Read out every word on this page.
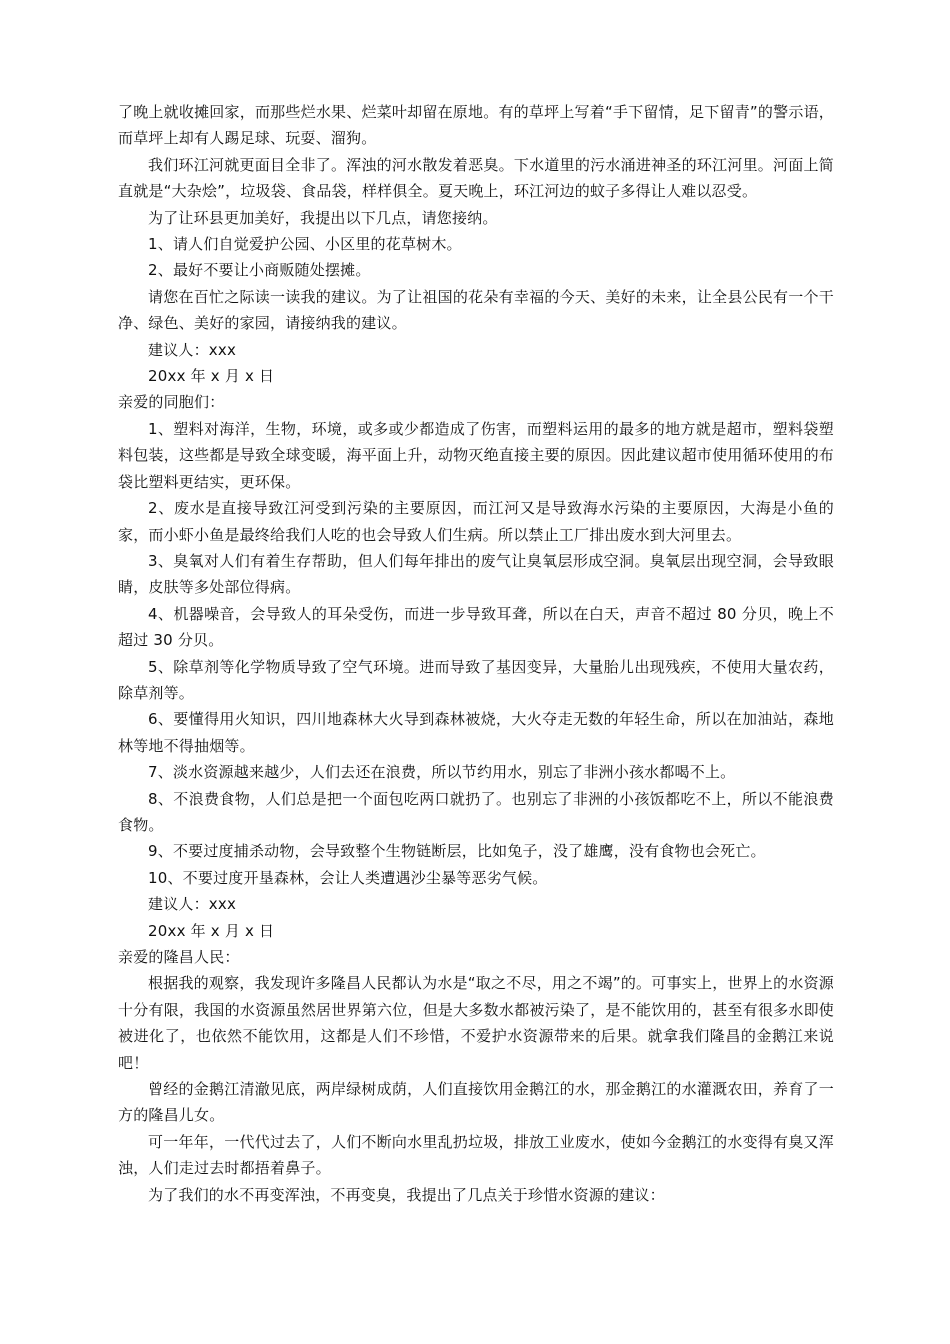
了晚上就收摊回家，而那些烂水果、烂菜叶却留在原地。有的草坪上写着“手下留情，足下留青”的警示语，而草坪上却有人踢足球、玩耍、溜狗。

我们环江河就更面目全非了。浑浊的河水散发着恶臭。下水道里的污水涌进神圣的环江河里。河面上简直就是“大杂烩”，垃圾袋、食品袋，样样俱全。夏天晚上，环江河边的蚊子多得让人难以忍受。

为了让环县更加美好，我提出以下几点，请您接纳。

1、请人们自觉爱护公园、小区里的花草树木。

2、最好不要让小商贩随处摆摊。

请您在百忙之际读一读我的建议。为了让祖国的花朵有幸福的今天、美好的未来，让全县公民有一个干净、绿色、美好的家园，请接纳我的建议。

建议人：xxx

20xx 年 x 月 x 日

亲爱的同胞们：

1、塑料对海洋，生物，环境，或多或少都造成了伤害，而塑料运用的最多的地方就是超市，塑料袋塑料包装，这些都是导致全球变暖，海平面上升，动物灭绝直接主要的原因。因此建议超市使用循环使用的布袋比塑料更结实，更环保。

2、废水是直接导致江河受到污染的主要原因，而江河又是导致海水污染的主要原因，大海是小鱼的家，而小虾小鱼是最终给我们人吃的也会导致人们生病。所以禁止工厂排出废水到大河里去。

3、臭氧对人们有着生存帮助，但人们每年排出的废气让臭氧层形成空洞。臭氧层出现空洞，会导致眼睛，皮肤等多处部位得病。

4、机器噪音，会导致人的耳朵受伤，而进一步导致耳聋，所以在白天，声音不超过 80 分贝，晚上不超过 30 分贝。

5、除草剂等化学物质导致了空气环境。进而导致了基因变异，大量胎儿出现残疾，不使用大量农药，除草剂等。

6、要懂得用火知识，四川地森林大火导到森林被烧，大火夺走无数的年轻生命，所以在加油站，森地林等地不得抽烟等。

7、淡水资源越来越少，人们去还在浪费，所以节约用水，别忘了非洲小孩水都喝不上。

8、不浪费食物，人们总是把一个面包吃两口就扔了。也别忘了非洲的小孩饭都吃不上，所以不能浪费食物。

9、不要过度捕杀动物，会导致整个生物链断层，比如兔子，没了雄鹰，没有食物也会死亡。

10、不要过度开垦森林，会让人类遭遇沙尘暴等恶劣气候。

建议人：xxx

20xx 年 x 月 x 日

亲爱的隆昌人民：

根据我的观察，我发现许多隆昌人民都认为水是“取之不尽，用之不竭”的。可事实上，世界上的水资源十分有限，我国的水资源虽然居世界第六位，但是大多数水都被污染了，是不能饮用的，甚至有很多水即使被进化了，也依然不能饮用，这都是人们不珍惜，不爱护水资源带来的后果。就拿我们隆昌的金鹅江来说吧！

曾经的金鹅江清澈见底，两岸绿树成荫，人们直接饮用金鹅江的水，那金鹅江的水灌溉农田，养育了一方的隆昌儿女。

可一年年，一代代过去了，人们不断向水里乱扔垃圾，排放工业废水，使如今金鹅江的水变得有臭又浑浊，人们走过去时都捂着鼻子。

为了我们的水不再变浑浊，不再变臭，我提出了几点关于珍惜水资源的建议：
